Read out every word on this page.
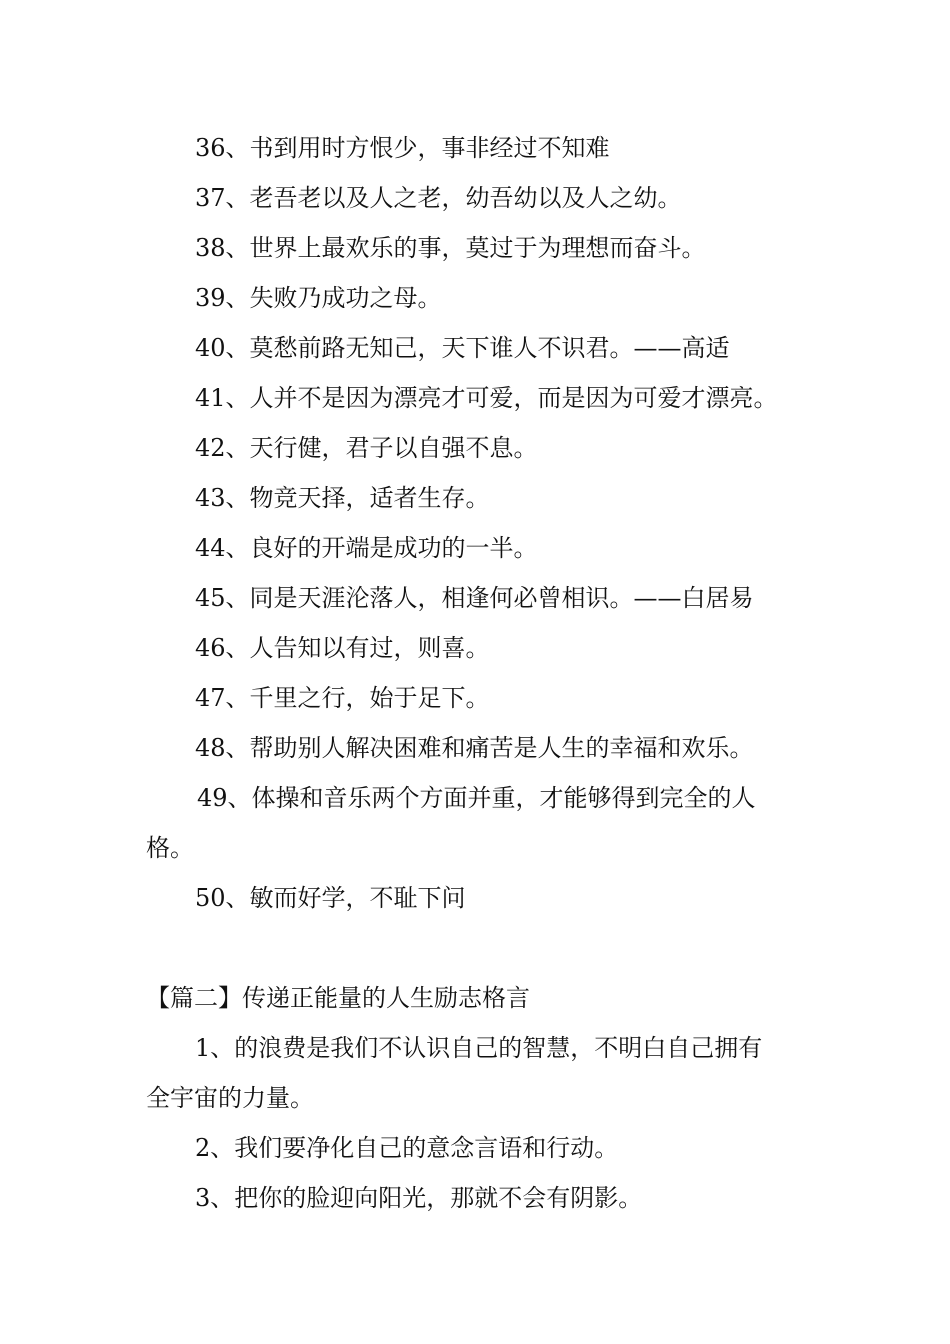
36、书到用时方恨少，事非经过不知难

37、老吾老以及人之老，幼吾幼以及人之幼。

38、世界上最欢乐的事，莫过于为理想而奋斗。

39、失败乃成功之母。

40、莫愁前路无知己，天下谁人不识君。——高适

41、人并不是因为漂亮才可爱，而是因为可爱才漂亮。

42、天行健，君子以自强不息。

43、物竞天择，适者生存。

44、良好的开端是成功的一半。

45、同是天涯沦落人，相逢何必曾相识。——白居易

46、人告知以有过，则喜。

47、千里之行，始于足下。

48、帮助别人解决困难和痛苦是人生的幸福和欢乐。

49、体操和音乐两个方面并重，才能够得到完全的人

格。

50、敏而好学，不耻下问

【篇二】传递正能量的人生励志格言

1、的浪费是我们不认识自己的智慧，不明白自己拥有

全宇宙的力量。

2、我们要净化自己的意念言语和行动。

3、把你的脸迎向阳光，那就不会有阴影。
